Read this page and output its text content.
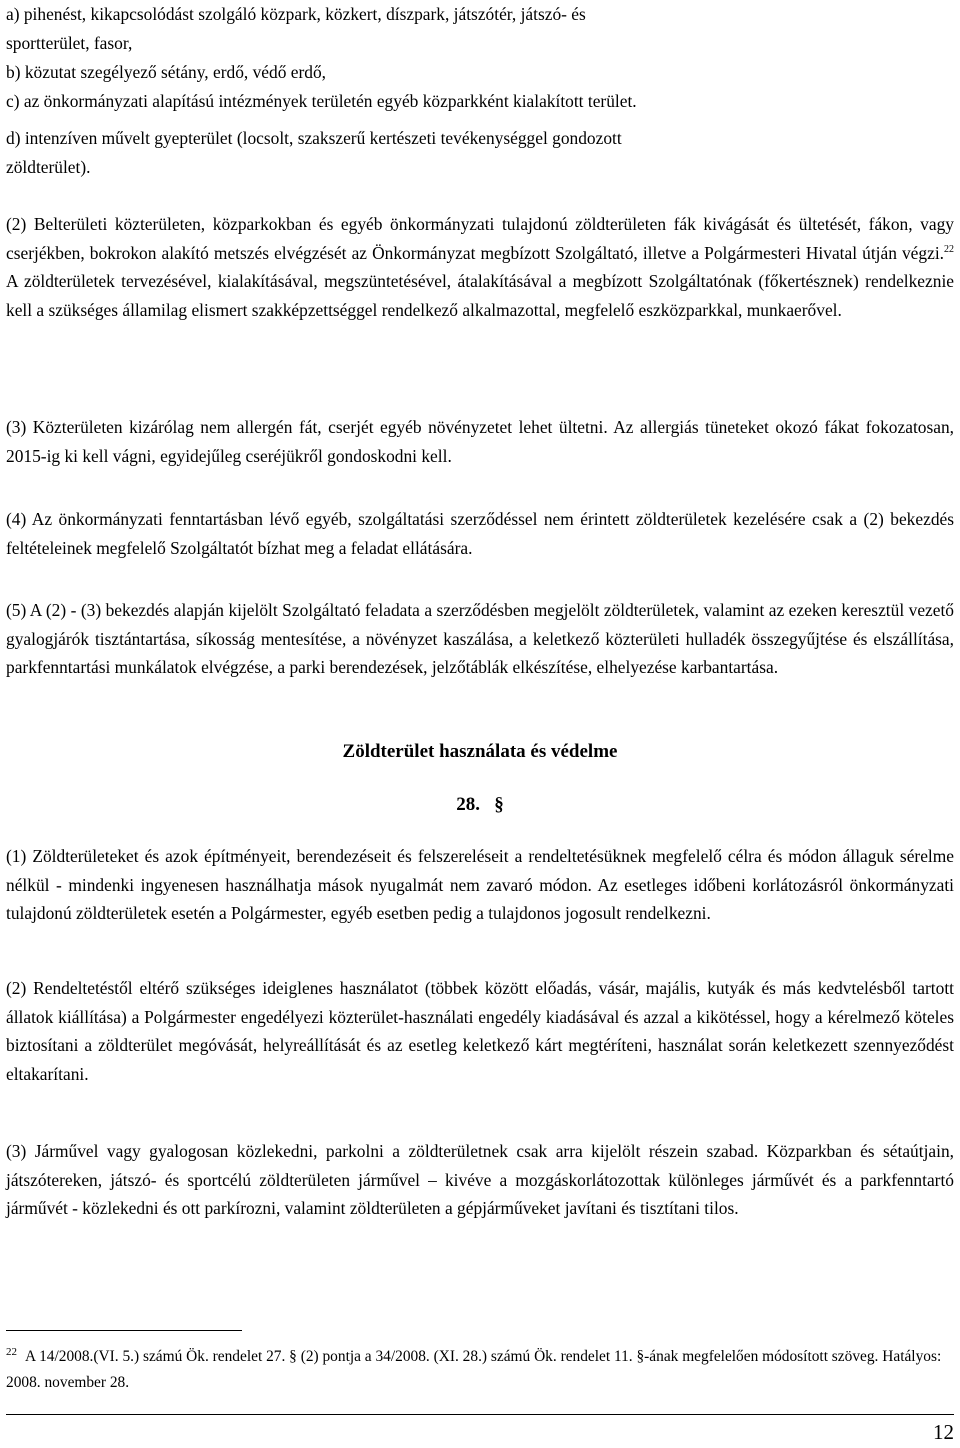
a) pihenést, kikapcsolódást szolgáló közpark, közkert, díszpark, játszótér, játszó- és

sportterület, fasor,

b) közutat szegélyező sétány, erdő, védő erdő,

c) az önkormányzati alapítású intézmények területén egyéb közparkként kialakított terület.

d) intenzíven művelt gyepterület (locsolt, szakszerű kertészeti tevékenységgel gondozott

zöldterület).

(2) Belterületi közterületen, közparkokban és egyéb önkormányzati tulajdonú zöldterületen fák kivágását és ültetését, fákon, vagy cserjékben, bokrokon alakító metszés elvégzését az Önkormányzat megbízott Szolgáltató, illetve a Polgármesteri Hivatal útján végzi.$^{22}$ A zöldterületek tervezésével, kialakításával, megszüntetésével, átalakításával a megbízott Szolgáltatónak (főkertésznek) rendelkeznie kell a szükséges államilag elismert szakképzettséggel rendelkező alkalmazottal, megfelelő eszközparkkal, munkaerővel.

(3) Közterületen kizárólag nem allergén fát, cserjét egyéb növényzetet lehet ültetni. Az allergiás tüneteket okozó fákat fokozatosan, 2015-ig ki kell vágni, egyidejűleg cseréjükről gondoskodni kell.

(4) Az önkormányzati fenntartásban lévő egyéb, szolgáltatási szerződéssel nem érintett zöldterületek kezelésére csak a (2) bekezdés feltételeinek megfelelő Szolgáltatót bízhat meg a feladat ellátására.

(5) A (2) - (3) bekezdés alapján kijelölt Szolgáltató feladata a szerződésben megjelölt zöldterületek, valamint az ezeken keresztül vezető gyalogjárók tisztántartása, síkosság mentesítése, a növényzet kaszálása, a keletkező közterületi hulladék összegyűjtése és elszállítása, parkfenntartási munkálatok elvégzése, a parki berendezések, jelzőtáblák elkészítése, elhelyezése karbantartása.

Zöldterület használata és védelme

28.   §

(1) Zöldterületeket és azok építményeit, berendezéseit és felszereléseit a rendeltetésüknek megfelelő célra és módon állaguk sérelme nélkül - mindenki ingyenesen használhatja mások nyugalmát nem zavaró módon. Az esetleges időbeni korlátozásról önkormányzati tulajdonú zöldterületek esetén a Polgármester, egyéb esetben pedig a tulajdonos jogosult rendelkezni.

(2) Rendeltetéstől eltérő szükséges ideiglenes használatot (többek között előadás, vásár, majális, kutyák és más kedvtelésből tartott állatok kiállítása) a Polgármester engedélyezi közterület-használati engedély kiadásával és azzal a kikötéssel, hogy a kérelmező köteles biztosítani a zöldterület megóvását, helyreállítását és az esetleg keletkező kárt megtéríteni, használat során keletkezett szennyeződést eltakarítani.

(3) Járművel vagy gyalogosan közlekedni, parkolni a zöldterületnek csak arra kijelölt részein szabad. Közparkban és sétaútjain, játszótereken, játszó- és sportcélú zöldterületen járművel – kivéve a mozgáskorlátozottak különleges járművét és a parkfenntartó járművét - közlekedni és ott parkírozni, valamint zöldterületen a gépjárműveket javítani és tisztítani tilos.

$^{22}$ A 14/2008.(VI. 5.) számú Ök. rendelet 27. § (2) pontja a 34/2008. (XI. 28.) számú Ök. rendelet 11. §-ának megfelelően módosított szöveg. Hatályos: 2008. november 28.

12
